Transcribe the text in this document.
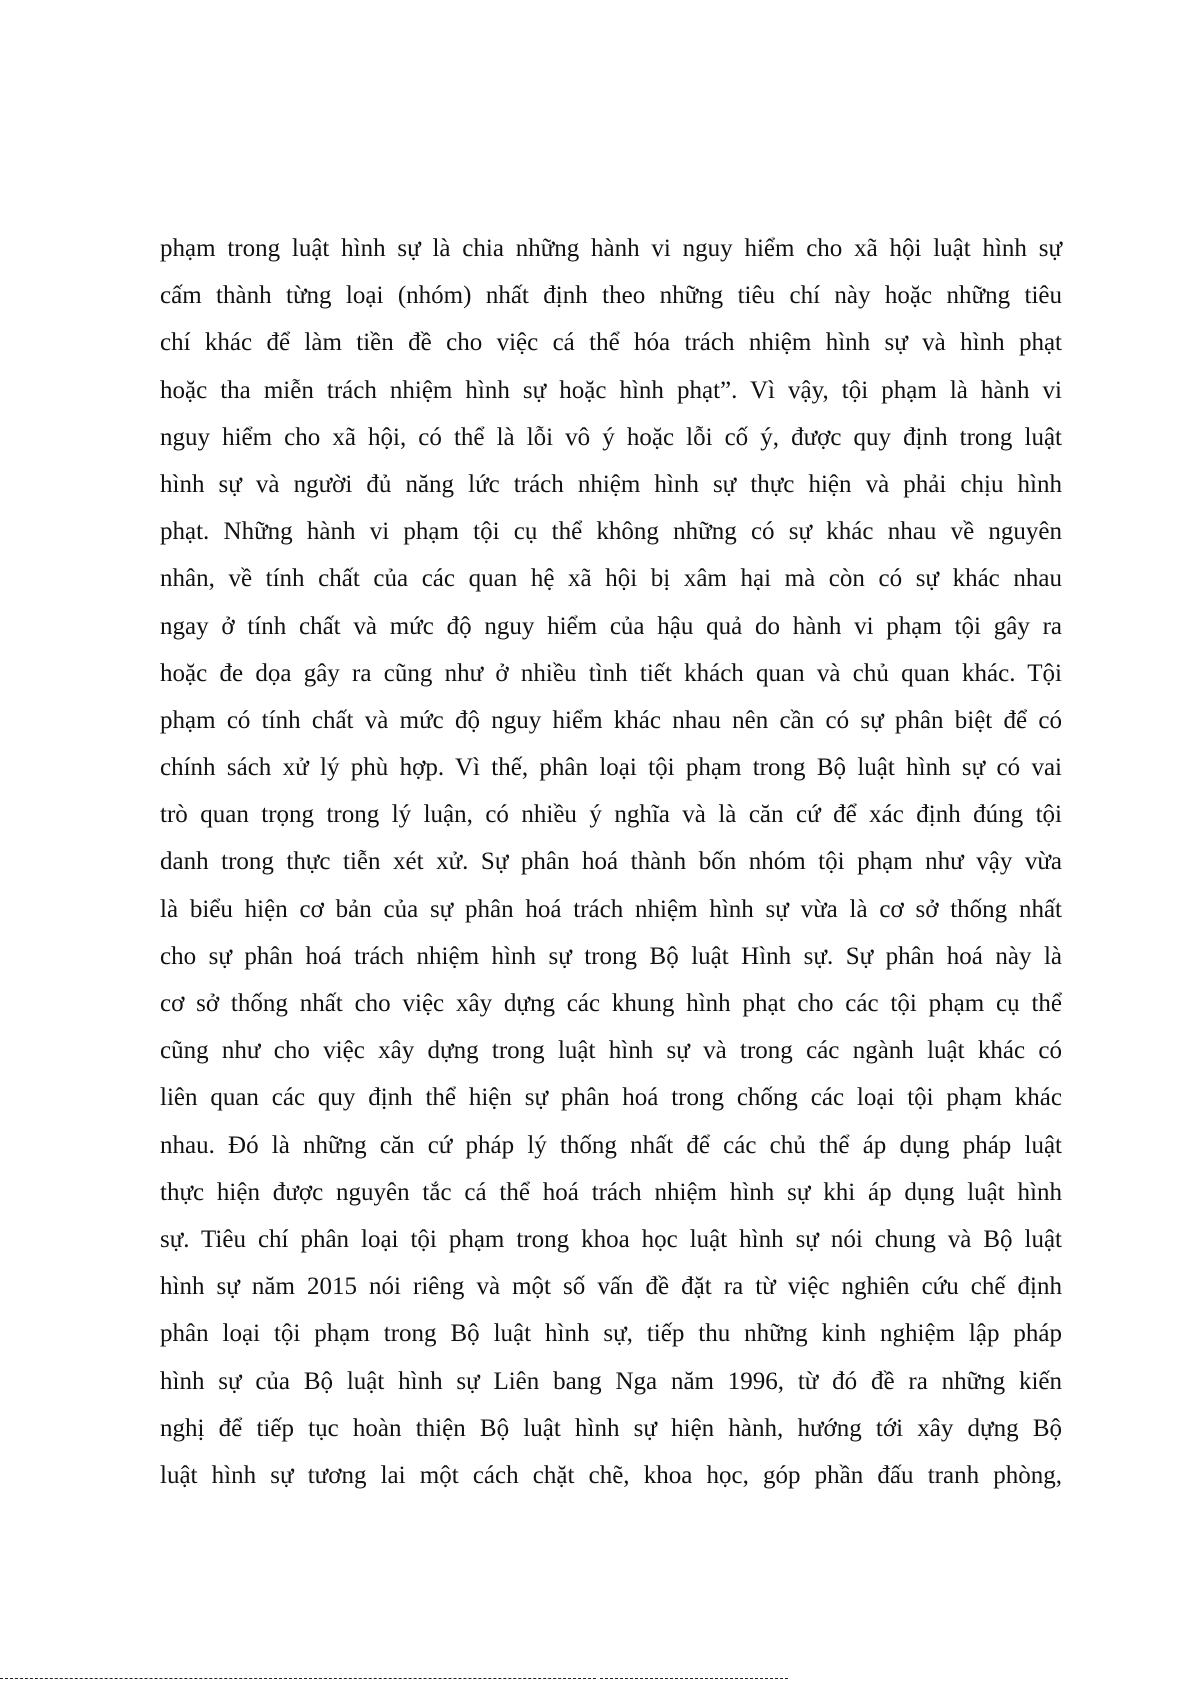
phạm trong luật hình sự là chia những hành vi nguy hiểm cho xã hội luật hình sự
cấm thành từng loại (nhóm) nhất định theo những tiêu chí này hoặc những tiêu
chí khác để làm tiền đề cho việc cá thể hóa trách nhiệm hình sự và hình phạt
hoặc tha miễn trách nhiệm hình sự hoặc hình phạt”. Vì vậy, tội phạm là hành vi
nguy hiểm cho xã hội, có thể là lỗi vô ý hoặc lỗi cố ý, được quy định trong luật
hình sự và người đủ năng lức trách nhiệm hình sự thực hiện và phải chịu hình
phạt. Những hành vi phạm tội cụ thể không những có sự khác nhau về nguyên
nhân, về tính chất của các quan hệ xã hội bị xâm hại mà còn có sự khác nhau
ngay ở tính chất và mức độ nguy hiểm của hậu quả do hành vi phạm tội gây ra
hoặc đe dọa gây ra cũng như ở nhiều tình tiết khách quan và chủ quan khác. Tội
phạm có tính chất và mức độ nguy hiểm khác nhau nên cần có sự phân biệt để có
chính sách xử lý phù hợp. Vì thế, phân loại tội phạm trong Bộ luật hình sự có vai
trò quan trọng trong lý luận, có nhiều ý nghĩa và là căn cứ để xác định đúng tội
danh trong thực tiễn xét xử. Sự phân hoá thành bốn nhóm tội phạm như vậy vừa
là biểu hiện cơ bản của sự phân hoá trách nhiệm hình sự vừa là cơ sở thống nhất
cho sự phân hoá trách nhiệm hình sự trong Bộ luật Hình sự. Sự phân hoá này là
cơ sở thống nhất cho việc xây dựng các khung hình phạt cho các tội phạm cụ thể
cũng như cho việc xây dựng trong luật hình sự và trong các ngành luật khác có
liên quan các quy định thể hiện sự phân hoá trong chống các loại tội phạm khác
nhau. Đó là những căn cứ pháp lý thống nhất để các chủ thể áp dụng pháp luật
thực hiện được nguyên tắc cá thể hoá trách nhiệm hình sự khi áp dụng luật hình
sự. Tiêu chí phân loại tội phạm trong khoa học luật hình sự nói chung và Bộ luật
hình sự năm 2015 nói riêng và một số vấn đề đặt ra từ việc nghiên cứu chế định
phân loại tội phạm trong Bộ luật hình sự, tiếp thu những kinh nghiệm lập pháp
hình sự của Bộ luật hình sự Liên bang Nga năm 1996, từ đó đề ra những kiến
nghị để tiếp tục hoàn thiện Bộ luật hình sự hiện hành, hướng tới xây dựng Bộ
luật hình sự tương lai một cách chặt chẽ, khoa học, góp phần đấu tranh phòng,
